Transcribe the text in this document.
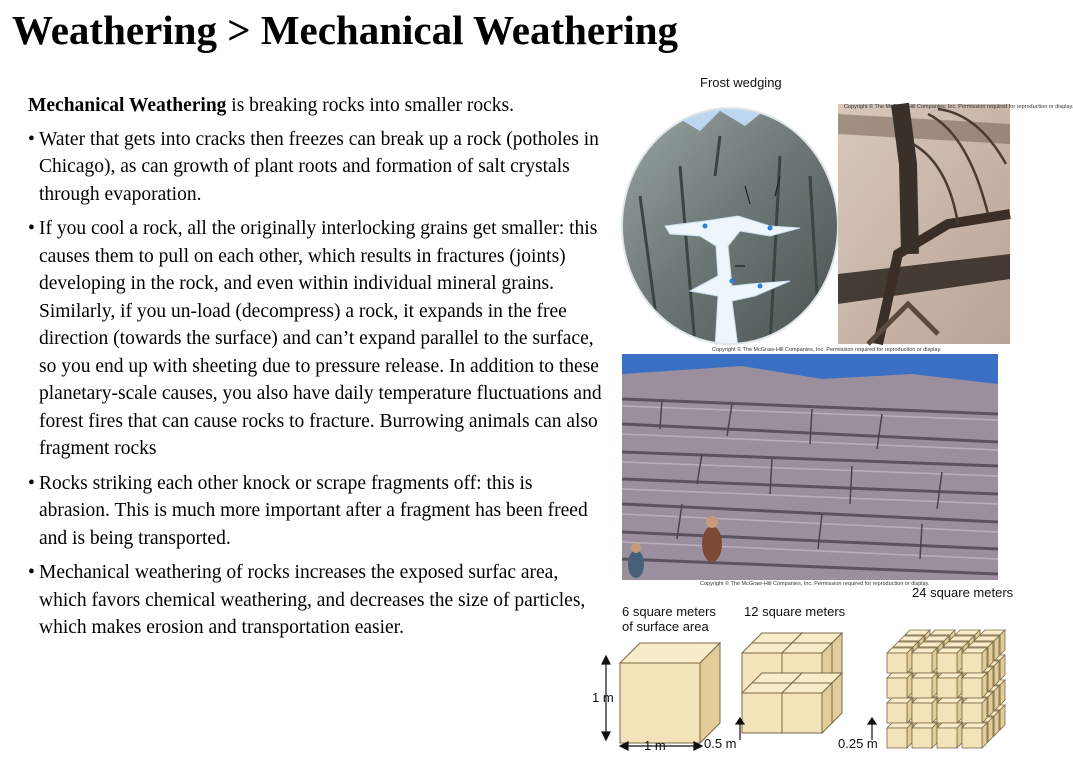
Weathering > Mechanical Weathering

Mechanical Weathering is breaking rocks into smaller rocks.

• Water that gets into cracks then freezes can break up a rock (potholes in Chicago), as can growth of plant roots and formation of salt crystals through evaporation.
• If you cool a rock, all the originally interlocking grains get smaller: this causes them to pull on each other, which results in fractures (joints) developing in the rock, and even within individual mineral grains. Similarly, if you un-load (decompress) a rock, it expands in the free direction (towards the surface) and can’t expand parallel to the surface, so you end up with sheeting due to pressure release. In addition to these planetary-scale causes, you also have daily temperature fluctuations and forest fires that can cause rocks to fracture. Burrowing animals can also fragment rocks
• Rocks striking each other knock or scrape fragments off: this is abrasion. This is much more important after a fragment has been freed and is being transported.
• Mechanical weathering of rocks increases the exposed surfac area, which favors chemical weathering, and decreases the size of particles, which makes erosion and transportation easier.
Frost wedging
Copyright © The McGraw-Hill Companies, Inc. Permission required for reproduction or display.
Copyright © The McGraw-Hill Companies, Inc. Permission required for reproduction or display.
Copyright © The McGraw-Hill Companies, Inc. Permission required for reproduction or display.
6 square meters
of surface area
12 square meters
24 square meters
1 m
1 m	0.5 m	0.25 m
